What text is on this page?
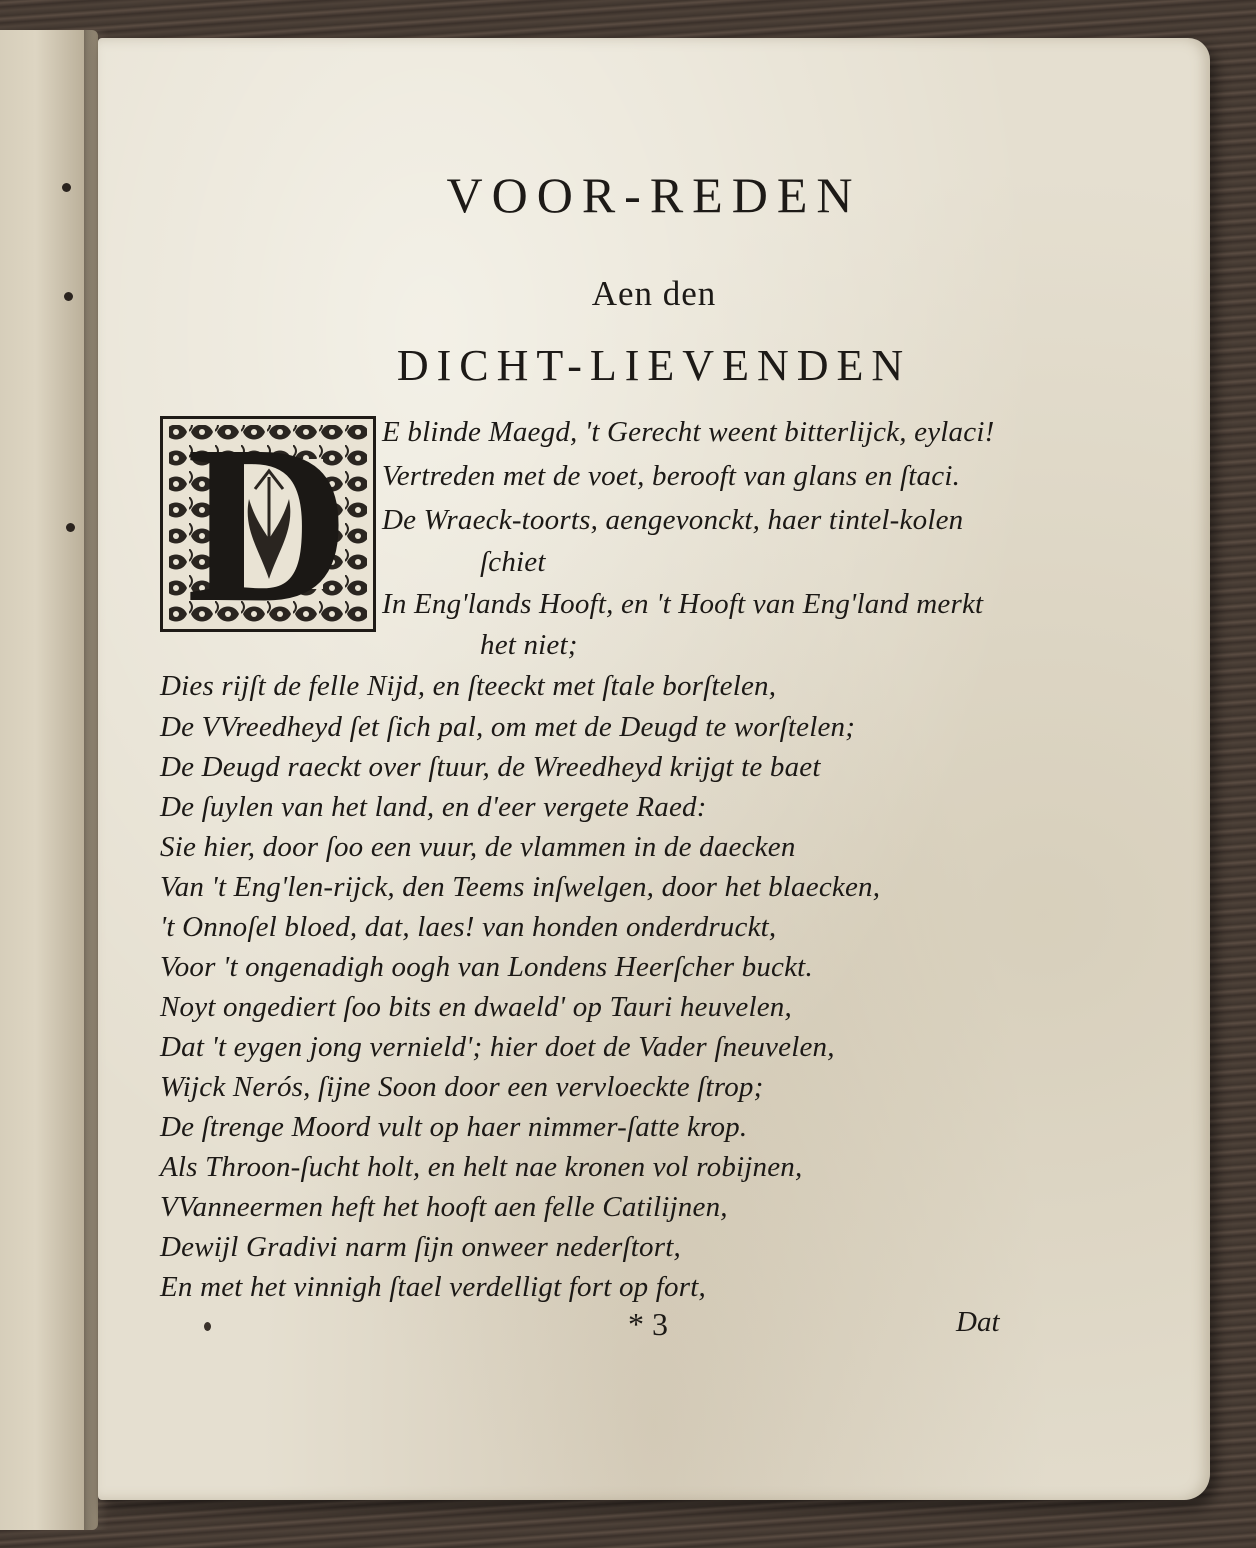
VOOR-REDEN
Aen den
DICHT-LIEVENDEN
D	E blinde Maegd, 't Gerecht weent bitterlijck, eylaci!
Vertreden met de voet, berooft van glans en ſtaci.
De Wraeck-toorts, aengevonckt, haer tintel-kolen
ſchiet
In Eng'lands Hooft, en 't Hooft van Eng'land merkt
het niet;
Dies rijſt de felle Nijd, en ſteeckt met ſtale borſtelen,
De VVreedheyd ſet ſich pal, om met de Deugd te worſtelen;
De Deugd raeckt over ſtuur, de Wreedheyd krijgt te baet
De ſuylen van het land, en d'eer vergete Raed:
Sie hier, door ſoo een vuur, de vlammen in de daecken
Van 't Eng'len-rijck, den Teems inſwelgen, door het blaecken,
't Onnoſel bloed, dat, laes! van honden onderdruckt,
Voor 't ongenadigh oogh van Londens Heerſcher buckt.
Noyt ongediert ſoo bits en dwaeld' op Tauri heuvelen,
Dat 't eygen jong vernield'; hier doet de Vader ſneuvelen,
Wijck Nerós, ſijne Soon door een vervloeckte ſtrop;
De ſtrenge Moord vult op haer nimmer-ſatte krop.
Als Throon-ſucht holt, en helt nae kronen vol robijnen,
VVanneermen heft het hooft aen felle Catilijnen,
Dewijl Gradivi narm ſijn onweer nederſtort,
En met het vinnigh ſtael verdelligt fort op fort,
* 3	Dat
